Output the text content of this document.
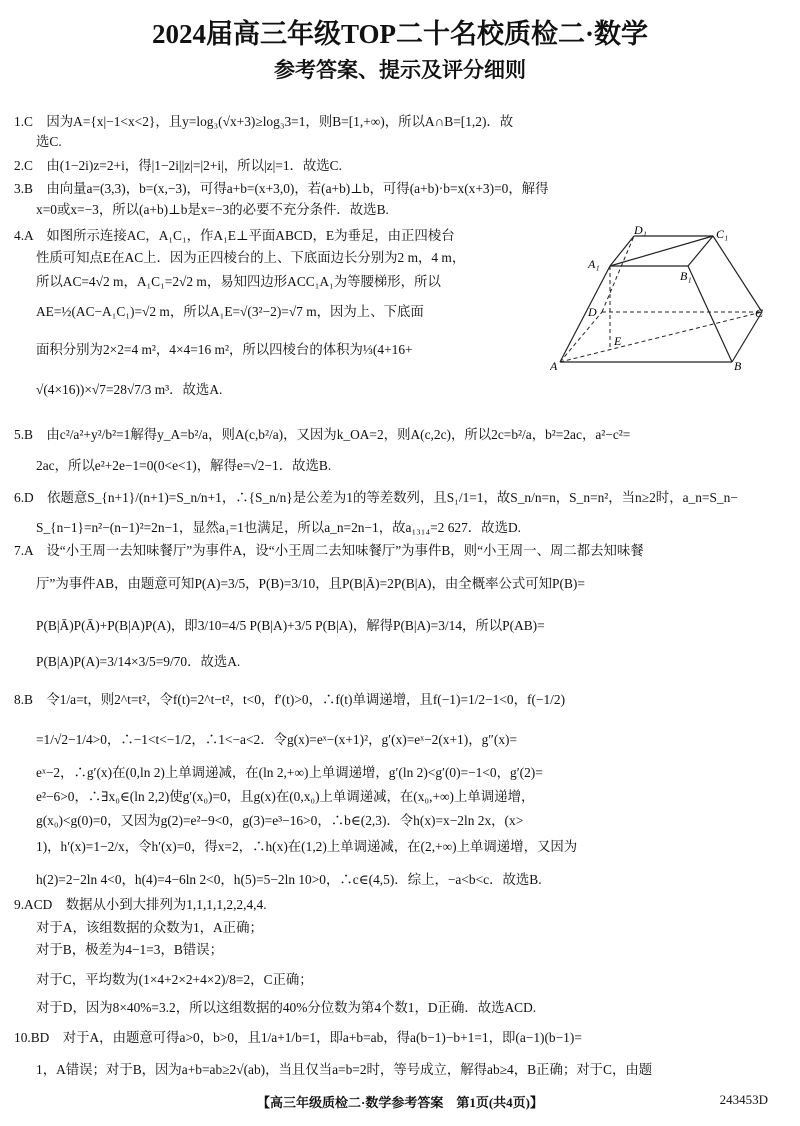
2024届高三年级TOP二十名校质检二·数学
参考答案、提示及评分细则
1.C　因为A={x|−1<x<2}，且y=log₃(√x+3)≥log₃3=1，则B=[1,+∞)，所以A∩B=[1,2)．故
选C.
2.C　由(1−2i)z=2+i，得|1−2i||z|=|2+i|，所以|z|=1．故选C.
3.B　由向量a=(3,3)，b=(x,−3)，可得a+b=(x+3,0)，若(a+b)⊥b，可得(a+b)·b=x(x+3)=0，解得
x=0或x=−3，所以(a+b)⊥b是x=−3的必要不充分条件．故选B.
4.A　如图所示连接AC，A₁C₁，作A₁E⊥平面ABCD，E为垂足，由正四棱台
性质可知点E在AC上．因为正四棱台的上、下底面边长分别为2 m，4 m，
所以AC=4√2 m，A₁C₁=2√2 m，易知四边形ACC₁A₁为等腰梯形，所以
AE=½(AC−A₁C₁)=√2 m，所以A₁E=√(3²−2)=√7 m，因为上、下底面
面积分别为2×2=4 m²，4×4=16 m²，所以四棱台的体积为⅓(4+16+
√(4×16))×√7=28√7/3 m³．故选A.
5.B　由c²/a²+y²/b²=1解得y_A=b²/a，则A(c,b²/a)，又因为k_OA=2，则A(c,2c)，所以2c=b²/a，b²=2ac，a²−c²=
2ac，所以e²+2e−1=0(0<e<1)，解得e=√2−1．故选B.
6.D　依题意S_{n+1}/(n+1)=S_n/n+1，∴{S_n/n}是公差为1的等差数列，且S₁/1=1，故S_n/n=n，S_n=n²，当n≥2时，a_n=S_n−
S_{n−1}=n²−(n−1)²=2n−1，显然a₁=1也满足，所以a_n=2n−1，故a₁₃₁₄=2 627．故选D.
7.A　设“小王周一去知味餐厅”为事件A，设“小王周二去知味餐厅”为事件B，则“小王周一、周二都去知味餐
厅”为事件AB，由题意可知P(A)=3/5，P(B)=3/10，且P(B|Ā)=2P(B|A)，由全概率公式可知P(B)=
P(B|Ā)P(Ā)+P(B|A)P(A)，即3/10=4/5 P(B|A)+3/5 P(B|A)，解得P(B|A)=3/14，所以P(AB)=
P(B|A)P(A)=3/14×3/5=9/70．故选A.
8.B　令1/a=t，则2^t=t²，令f(t)=2^t−t²，t<0，f′(t)>0，∴f(t)单调递增，且f(−1)=1/2−1<0，f(−1/2)
=1/√2−1/4>0，∴−1<t<−1/2，∴1<−a<2．令g(x)=eˣ−(x+1)²，g′(x)=eˣ−2(x+1)，g″(x)=
eˣ−2，∴g′(x)在(0,ln 2)上单调递减，在(ln 2,+∞)上单调递增，g′(ln 2)<g′(0)=−1<0，g′(2)=
e²−6>0，∴∃x₀∈(ln 2,2)使g′(x₀)=0，且g(x)在(0,x₀)上单调递减，在(x₀,+∞)上单调递增，
g(x₀)<g(0)=0，又因为g(2)=e²−9<0，g(3)=e³−16>0，∴b∈(2,3)．令h(x)=x−2ln 2x，(x>
1)，h′(x)=1−2/x，令h′(x)=0，得x=2，∴h(x)在(1,2)上单调递减，在(2,+∞)上单调递增，又因为
h(2)=2−2ln 4<0，h(4)=4−6ln 2<0，h(5)=5−2ln 10>0，∴c∈(4,5)．综上，−a<b<c．故选B.
9.ACD　数据从小到大排列为1,1,1,1,2,2,4,4.
对于A，该组数据的众数为1，A正确；
对于B，极差为4−1=3，B错误；
对于C，平均数为(1×4+2×2+4×2)/8=2，C正确；
对于D，因为8×40%=3.2，所以这组数据的40%分位数为第4个数1，D正确．故选ACD.
10.BD　对于A，由题意可得a>0，b>0，且1/a+1/b=1，即a+b=ab，得a(b−1)−b+1=1，即(a−1)(b−1)=
1，A错误；对于B，因为a+b=ab≥2√(ab)，当且仅当a=b=2时，等号成立，解得ab≥4，B正确；对于C，由题
D₁	C₁
A₁
B₁
D	C
E
A	B
【高三年级质检二·数学参考答案　第1页(共4页)】	243453D
